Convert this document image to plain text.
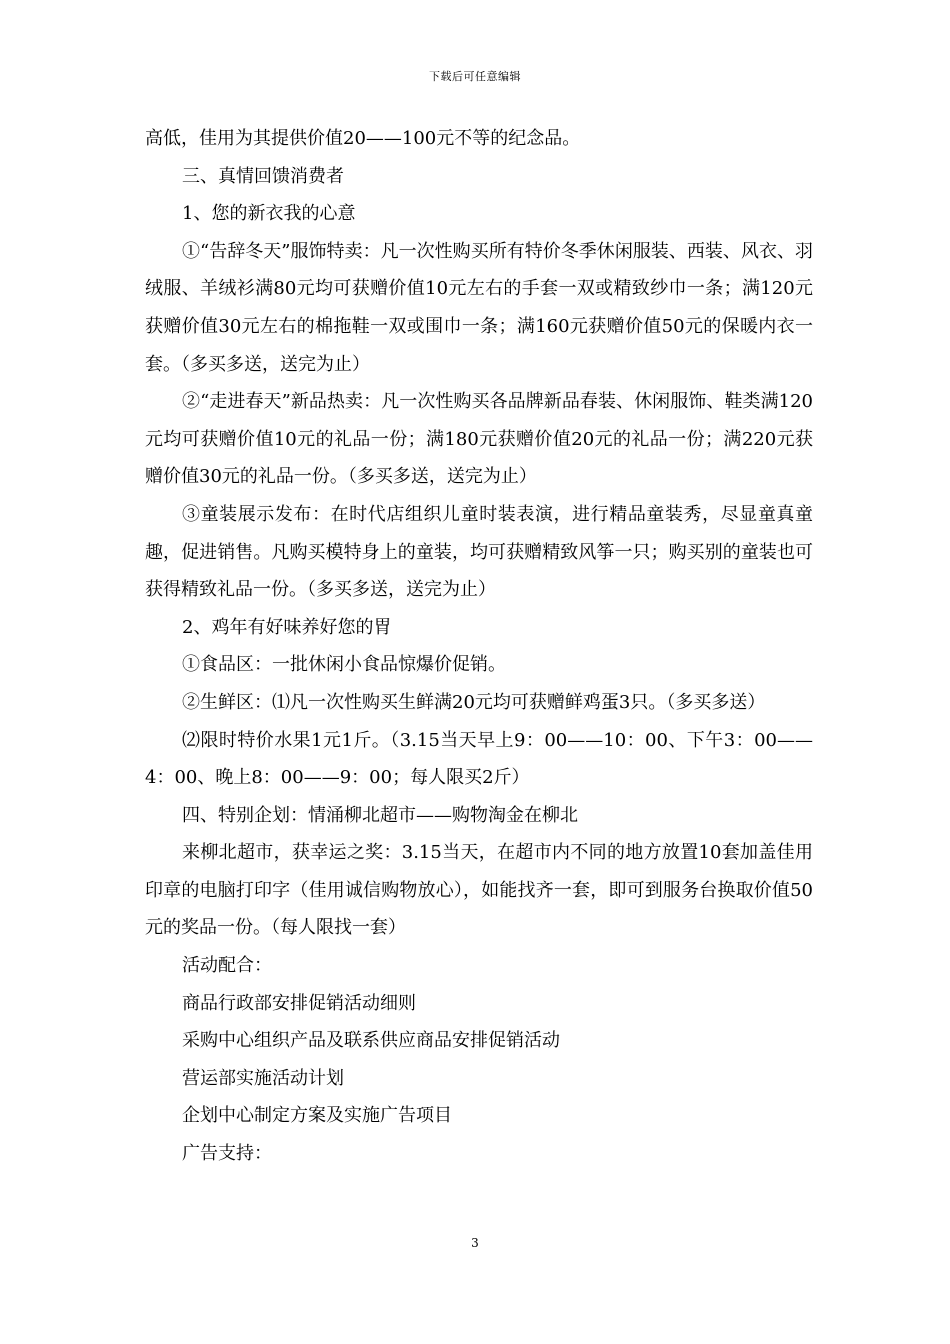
下载后可任意编辑

高低，佳用为其提供价值20——100元不等的纪念品。

三、真情回馈消费者

1、您的新衣我的心意

①“告辞冬天”服饰特卖：凡一次性购买所有特价冬季休闲服装、西装、风衣、羽绒服、羊绒衫满80元均可获赠价值10元左右的手套一双或精致纱巾一条；满120元获赠价值30元左右的棉拖鞋一双或围巾一条；满160元获赠价值50元的保暖内衣一套。（多买多送，送完为止）

②“走进春天”新品热卖：凡一次性购买各品牌新品春装、休闲服饰、鞋类满120元均可获赠价值10元的礼品一份；满180元获赠价值20元的礼品一份；满220元获赠价值30元的礼品一份。（多买多送，送完为止）

③童装展示发布：在时代店组织儿童时装表演，进行精品童装秀，尽显童真童趣，促进销售。凡购买模特身上的童装，均可获赠精致风筝一只；购买别的童装也可获得精致礼品一份。（多买多送，送完为止）

2、鸡年有好味养好您的胃

①食品区：一批休闲小食品惊爆价促销。

②生鲜区：⑴凡一次性购买生鲜满20元均可获赠鲜鸡蛋3只。（多买多送）

⑵限时特价水果1元1斤。（3.15当天早上9：00——10：00、下午3：00——4：00、晚上8：00——9：00；每人限买2斤）

四、特别企划：情涌柳北超市——购物淘金在柳北

来柳北超市，获幸运之奖：3.15当天，在超市内不同的地方放置10套加盖佳用印章的电脑打印字（佳用诚信购物放心），如能找齐一套，即可到服务台换取价值50元的奖品一份。（每人限找一套）

活动配合：

商品行政部安排促销活动细则

采购中心组织产品及联系供应商品安排促销活动

营运部实施活动计划

企划中心制定方案及实施广告项目

广告支持：

3
